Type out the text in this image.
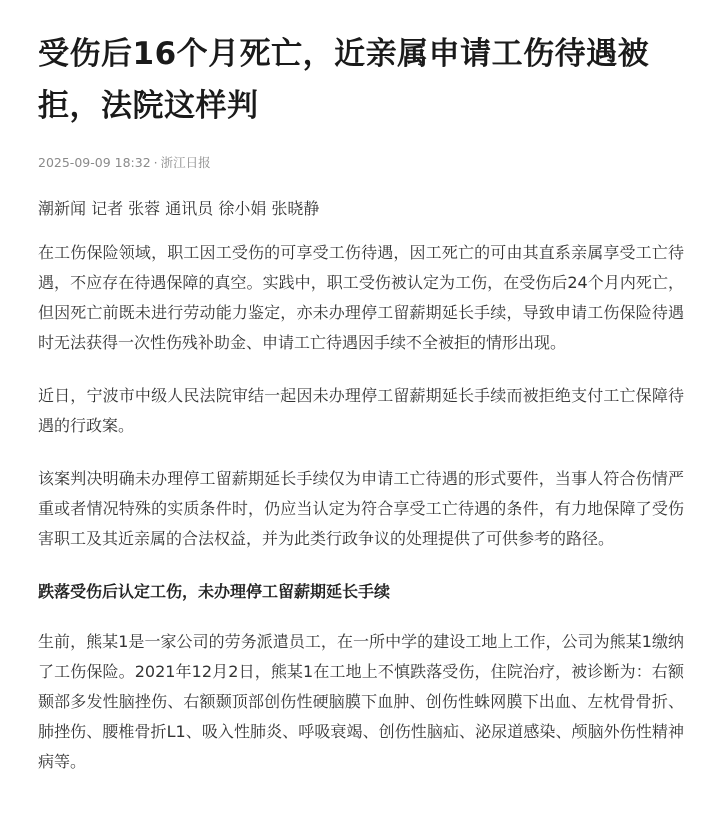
受伤后16个月死亡，近亲属申请工伤待遇被拒，法院这样判
2025-09-09 18:32 · 浙江日报

潮新闻 记者 张蓉 通讯员 徐小娟 张晓静

在工伤保险领域，职工因工受伤的可享受工伤待遇，因工死亡的可由其直系亲属享受工亡待遇，不应存在待遇保障的真空。实践中，职工受伤被认定为工伤，在受伤后24个月内死亡，但因死亡前既未进行劳动能力鉴定，亦未办理停工留薪期延长手续，导致申请工伤保险待遇时无法获得一次性伤残补助金、申请工亡待遇因手续不全被拒的情形出现。

近日，宁波市中级人民法院审结一起因未办理停工留薪期延长手续而被拒绝支付工亡保障待遇的行政案。

该案判决明确未办理停工留薪期延长手续仅为申请工亡待遇的形式要件，当事人符合伤情严重或者情况特殊的实质条件时，仍应当认定为符合享受工亡待遇的条件，有力地保障了受伤害职工及其近亲属的合法权益，并为此类行政争议的处理提供了可供参考的路径。

跌落受伤后认定工伤，未办理停工留薪期延长手续

生前，熊某1是一家公司的劳务派遣员工，在一所中学的建设工地上工作，公司为熊某1缴纳了工伤保险。2021年12月2日，熊某1在工地上不慎跌落受伤，住院治疗，被诊断为：右额颞部多发性脑挫伤、右额颞顶部创伤性硬脑膜下血肿、创伤性蛛网膜下出血、左枕骨骨折、肺挫伤、腰椎骨折L1、吸入性肺炎、呼吸衰竭、创伤性脑疝、泌尿道感染、颅脑外伤性精神病等。
